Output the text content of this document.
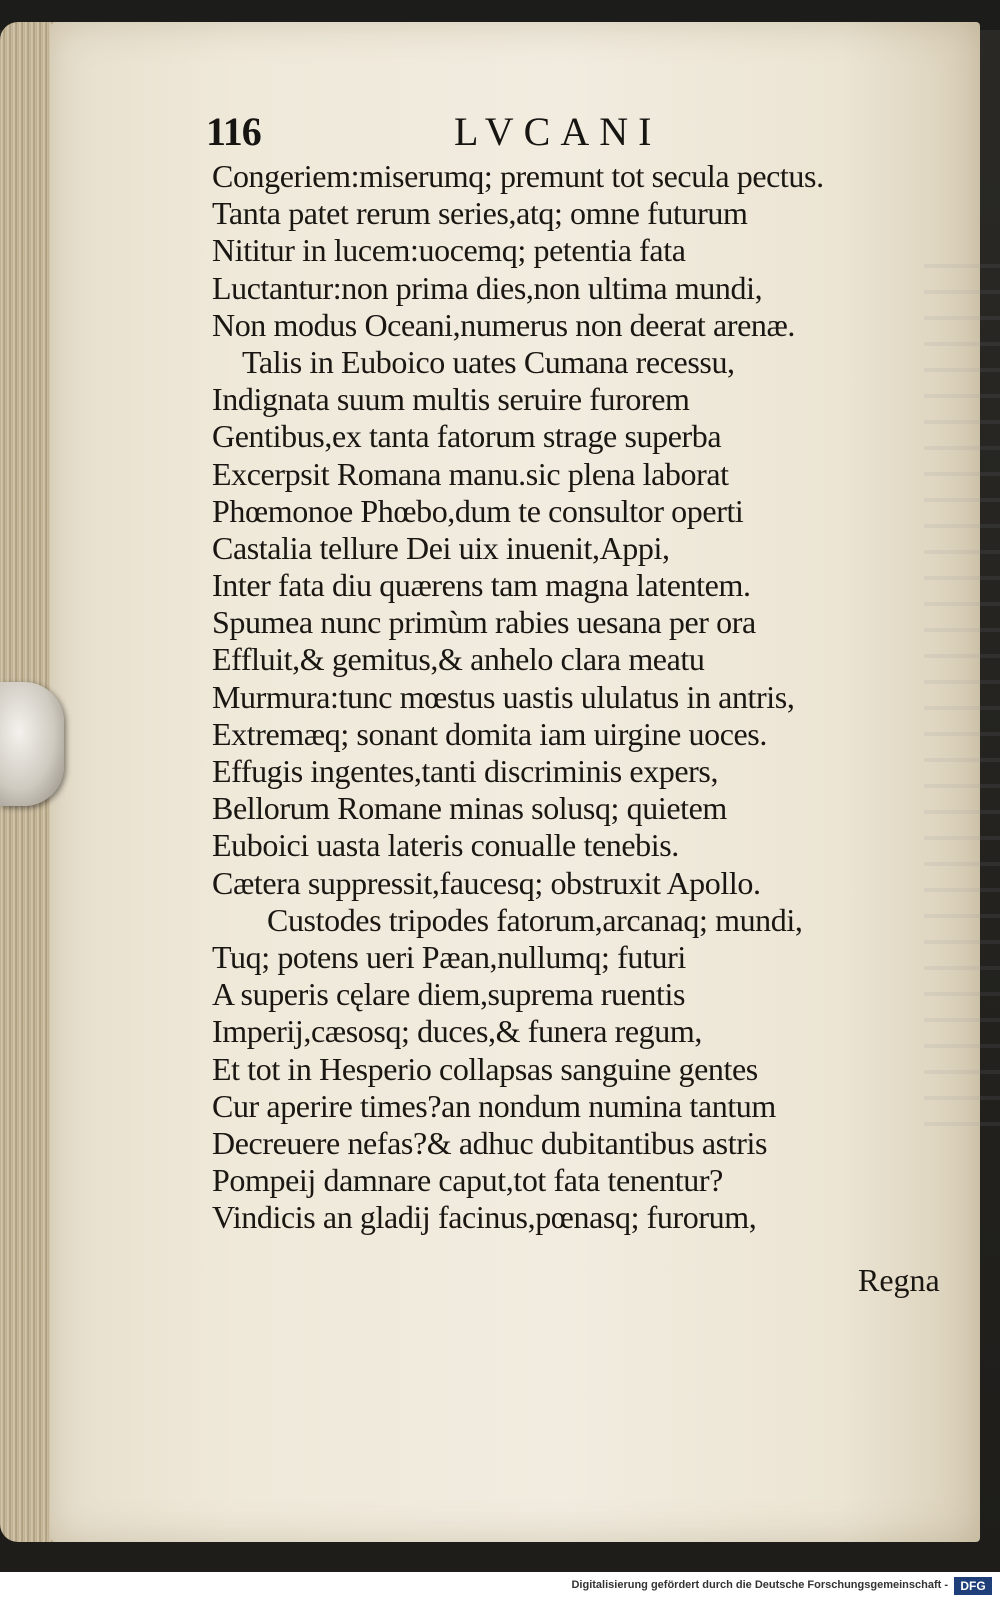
116	LVCANI
Congeriem:miserumq; premunt tot secula pectus.
Tanta patet rerum series,atq; omne futurum
Nititur in lucem:uocemq; petentia fata
Luctantur:non prima dies,non ultima mundi,
Non modus Oceani,numerus non deerat arenæ.
Talis in Euboico uates Cumana recessu,
Indignata suum multis seruire furorem
Gentibus,ex tanta fatorum strage superba
Excerpsit Romana manu.sic plena laborat
Phœmonoe Phœbo,dum te consultor operti
Castalia tellure Dei uix inuenit,Appi,
Inter fata diu quærens tam magna latentem.
Spumea nunc primùm rabies uesana per ora
Effluit,& gemitus,& anhelo clara meatu
Murmura:tunc mœstus uastis ululatus in antris,
Extremæq; sonant domita iam uirgine uoces.
Effugis ingentes,tanti discriminis expers,
Bellorum Romane minas solusq; quietem
Euboici uasta lateris conualle tenebis.
Cætera suppressit,faucesq; obstruxit Apollo.
Custodes tripodes fatorum,arcanaq; mundi,
Tuq; potens ueri Pæan,nullumq; futuri
A superis cęlare diem,suprema ruentis
Imperij,cæsosq; duces,& funera regum,
Et tot in Hesperio collapsas sanguine gentes
Cur aperire times?an nondum numina tantum
Decreuere nefas?& adhuc dubitantibus astris
Pompeij damnare caput,tot fata tenentur?
Vindicis an gladij facinus,pœnasq; furorum,
Regna
Digitalisierung gefördert durch die Deutsche Forschungsgemeinschaft -	DFG
